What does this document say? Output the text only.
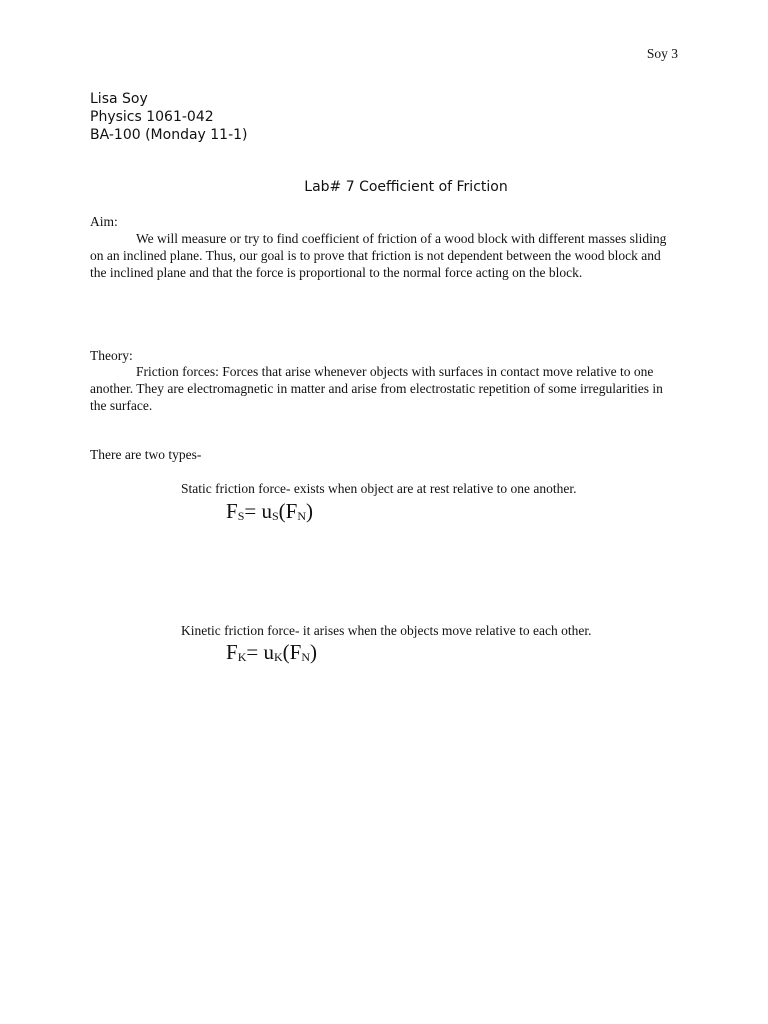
Soy 3
Lisa Soy
Physics 1061-042
BA-100 (Monday 11-1)
Lab# 7 Coefficient of Friction
Aim:
We will measure or try to find coefficient of friction of a wood block with different masses sliding on an inclined plane. Thus, our goal is to prove that friction is not dependent between the wood block and the inclined plane and that the force is proportional to the normal force acting on the block.
Theory:
Friction forces: Forces that arise whenever objects with surfaces in contact move relative to one another. They are electromagnetic in matter and arise from electrostatic repetition of some irregularities in the surface.
There are two types-
Static friction force- exists when object are at rest relative to one another.
$F_S= u_S(F_N)$
Kinetic friction force- it arises when the objects move relative to each other.
$F_K= u_K(F_N)$
